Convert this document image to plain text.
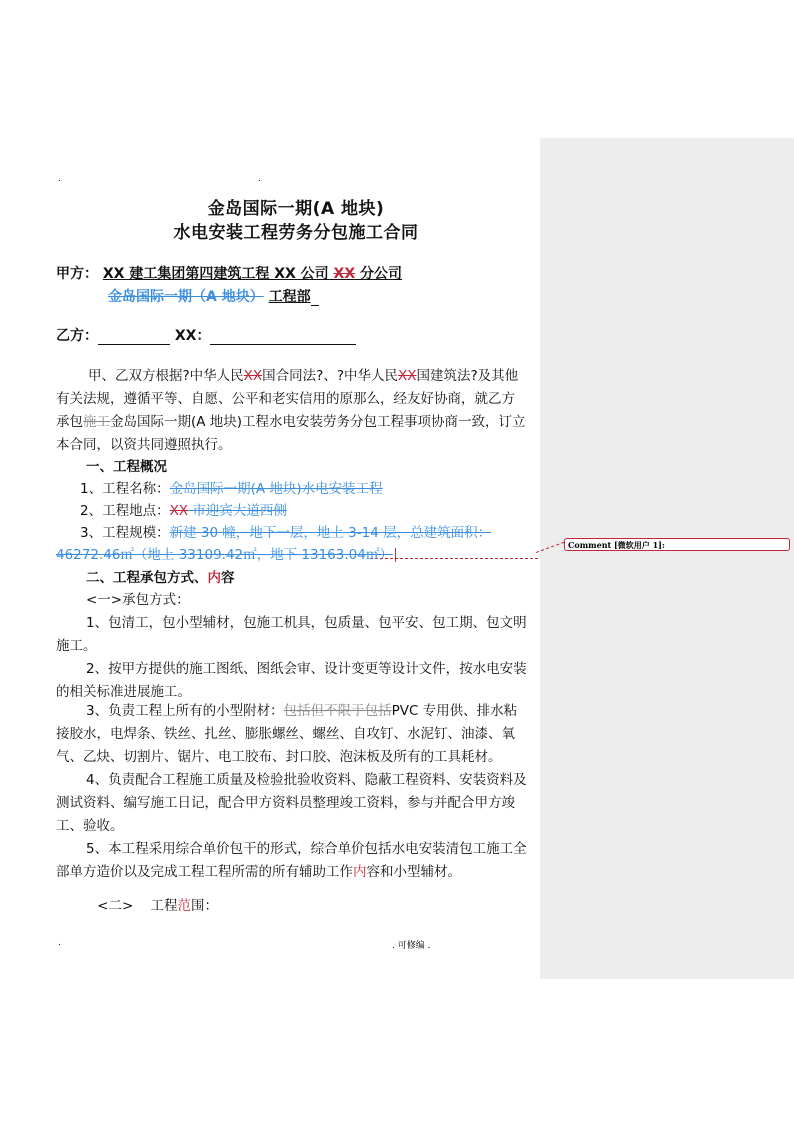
Comment [微软用户 1]:
.	.
金岛国际一期(A 地块)
水电安装工程劳务分包施工合同
甲方： XX 建工集团第四建筑工程 XX 公司 XX 分公司
金岛国际一期（A 地块） 工程部
乙方：	XX：
甲、乙双方根据?中华人民XX国合同法?、?中华人民XX国建筑法?及其他
有关法规，遵循平等、自愿、公平和老实信用的原那么，经友好协商，就乙方
承包施工金岛国际一期(A 地块)工程水电安装劳务分包工程事项协商一致，订立
本合同，以资共同遵照执行。
一、工程概况
1、工程名称：金岛国际一期(A 地块)水电安装工程
2、工程地点：XX 市迎宾大道西侧
3、工程规模：新建 30 幢，地下一层，地上 3-14 层，总建筑面积：
46272.46㎡（地上 33109.42㎡，地下 13163.04㎡）
二、工程承包方式、内容
<一>承包方式：
1、包清工，包小型辅材，包施工机具，包质量、包平安、包工期、包文明
施工。
2、按甲方提供的施工图纸、图纸会审、设计变更等设计文件，按水电安装
的相关标准进展施工。
3、负责工程上所有的小型附材：包括但不限于包括PVC 专用供、排水粘
接胶水，电焊条、铁丝、扎丝、膨胀螺丝、螺丝、自攻钉、水泥钉、油漆、氧
气、乙炔、切割片、锯片、电工胶布、封口胶、泡沫板及所有的工具耗材。
4、负责配合工程施工质量及检验批验收资料、隐蔽工程资料、安装资料及
测试资料、编写施工日记，配合甲方资料员整理竣工资料，参与并配合甲方竣
工、验收。
5、本工程采用综合单价包干的形式，综合单价包括水电安装清包工施工全
部单方造价以及完成工程工程所需的所有辅助工作内容和小型辅材。

<二>    工程范围：

.	. 可修编 .
